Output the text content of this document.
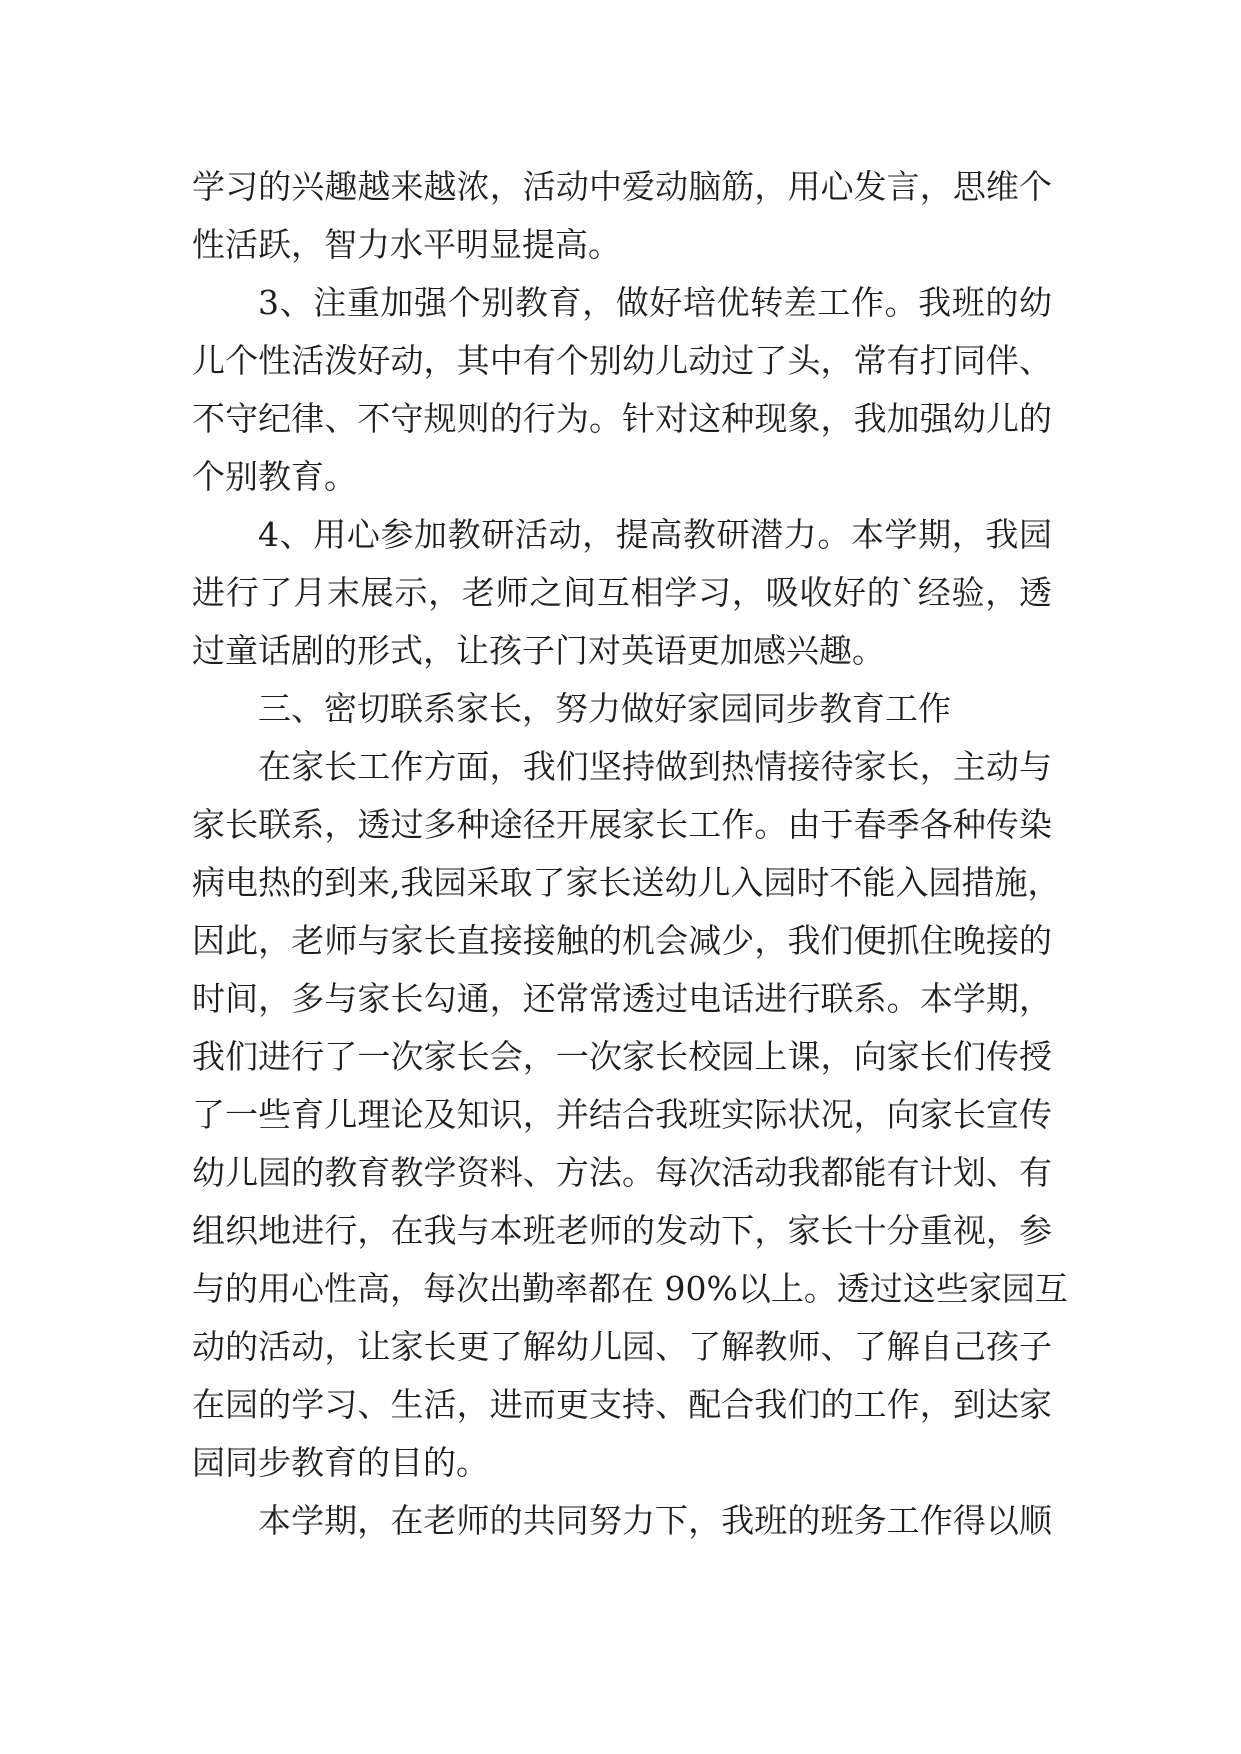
学习的兴趣越来越浓，活动中爱动脑筋，用心发言，思维个
性活跃，智力水平明显提高。
3、注重加强个别教育，做好培优转差工作。我班的幼
儿个性活泼好动，其中有个别幼儿动过了头，常有打同伴、
不守纪律、不守规则的行为。针对这种现象，我加强幼儿的
个别教育。
4、用心参加教研活动，提高教研潜力。本学期，我园
进行了月末展示，老师之间互相学习，吸收好的`经验，透
过童话剧的形式，让孩子门对英语更加感兴趣。
三、密切联系家长，努力做好家园同步教育工作
在家长工作方面，我们坚持做到热情接待家长，主动与
家长联系，透过多种途径开展家长工作。由于春季各种传染
病电热的到来,我园采取了家长送幼儿入园时不能入园措施，
因此，老师与家长直接接触的机会减少，我们便抓住晚接的
时间，多与家长勾通，还常常透过电话进行联系。本学期，
我们进行了一次家长会，一次家长校园上课，向家长们传授
了一些育儿理论及知识，并结合我班实际状况，向家长宣传
幼儿园的教育教学资料、方法。每次活动我都能有计划、有
组织地进行，在我与本班老师的发动下，家长十分重视，参
与的用心性高，每次出勤率都在 90%以上。透过这些家园互
动的活动，让家长更了解幼儿园、了解教师、了解自己孩子
在园的学习、生活，进而更支持、配合我们的工作，到达家
园同步教育的目的。
本学期，在老师的共同努力下，我班的班务工作得以顺
